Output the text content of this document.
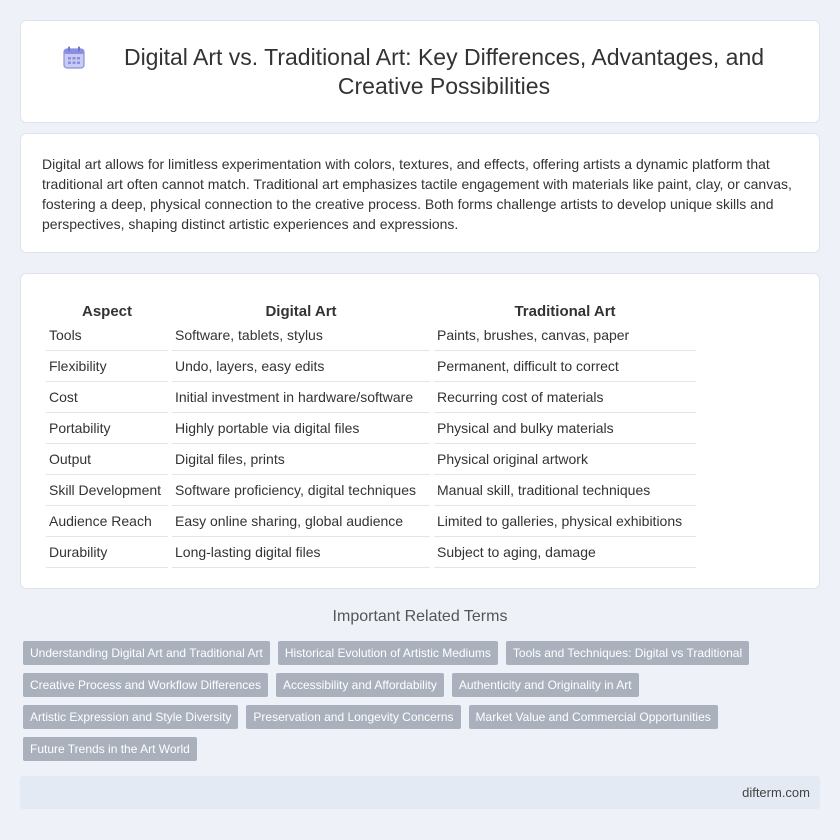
Digital Art vs. Traditional Art: Key Differences, Advantages, and Creative Possibilities

Digital art allows for limitless experimentation with colors, textures, and effects, offering artists a dynamic platform that traditional art often cannot match. Traditional art emphasizes tactile engagement with materials like paint, clay, or canvas, fostering a deep, physical connection to the creative process. Both forms challenge artists to develop unique skills and perspectives, shaping distinct artistic experiences and expressions.

Aspect	Digital Art	Traditional Art
Tools	Software, tablets, stylus	Paints, brushes, canvas, paper
Flexibility	Undo, layers, easy edits	Permanent, difficult to correct
Cost	Initial investment in hardware/software	Recurring cost of materials
Portability	Highly portable via digital files	Physical and bulky materials
Output	Digital files, prints	Physical original artwork
Skill Development	Software proficiency, digital techniques	Manual skill, traditional techniques
Audience Reach	Easy online sharing, global audience	Limited to galleries, physical exhibitions
Durability	Long-lasting digital files	Subject to aging, damage
Important Related Terms
Understanding Digital Art and Traditional Art	Historical Evolution of Artistic Mediums	Tools and Techniques: Digital vs Traditional
Creative Process and Workflow Differences	Accessibility and Affordability	Authenticity and Originality in Art
Artistic Expression and Style Diversity	Preservation and Longevity Concerns	Market Value and Commercial Opportunities
Future Trends in the Art World
difterm.com
